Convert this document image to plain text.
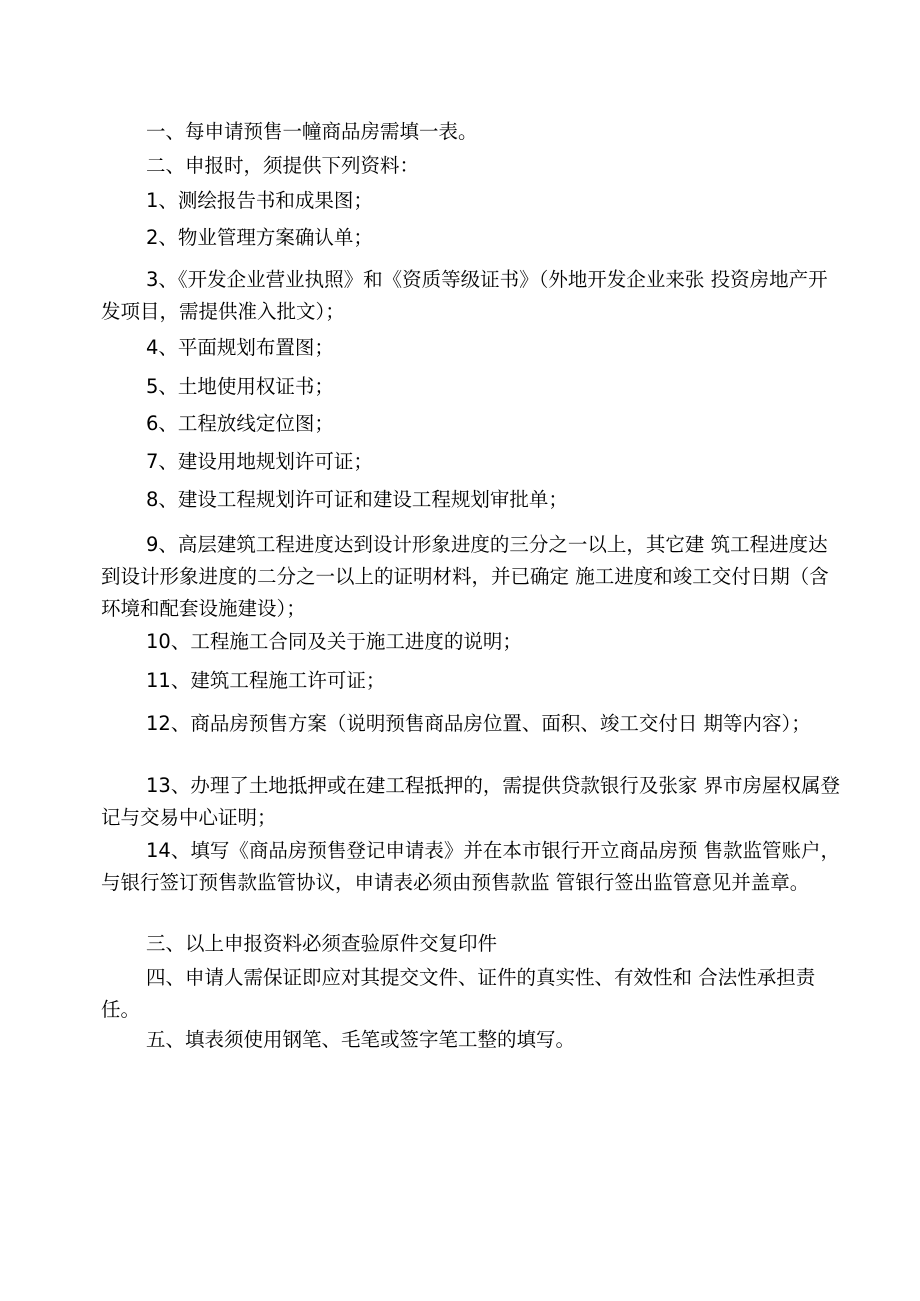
一、每申请预售一幢商品房需填一表。

二、申报时，须提供下列资料：

1、测绘报告书和成果图；

2、物业管理方案确认单；

3、《开发企业营业执照》和《资质等级证书》（外地开发企业来张 投资房地产开发项目，需提供准入批文）；

4、平面规划布置图；

5、土地使用权证书；

6、工程放线定位图；

7、建设用地规划许可证；

8、建设工程规划许可证和建设工程规划审批单；

9、高层建筑工程进度达到设计形象进度的三分之一以上，其它建 筑工程进度达到设计形象进度的二分之一以上的证明材料，并已确定 施工进度和竣工交付日期（含环境和配套设施建设）；

10、工程施工合同及关于施工进度的说明；

11、建筑工程施工许可证；

12、商品房预售方案（说明预售商品房位置、面积、竣工交付日 期等内容）；

13、办理了土地抵押或在建工程抵押的，需提供贷款银行及张家 界市房屋权属登记与交易中心证明；

14、填写《商品房预售登记申请表》并在本市银行开立商品房预 售款监管账户，与银行签订预售款监管协议，申请表必须由预售款监 管银行签出监管意见并盖章。

三、以上申报资料必须查验原件交复印件

四、申请人需保证即应对其提交文件、证件的真实性、有效性和 合法性承担责任。

五、填表须使用钢笔、毛笔或签字笔工整的填写。
